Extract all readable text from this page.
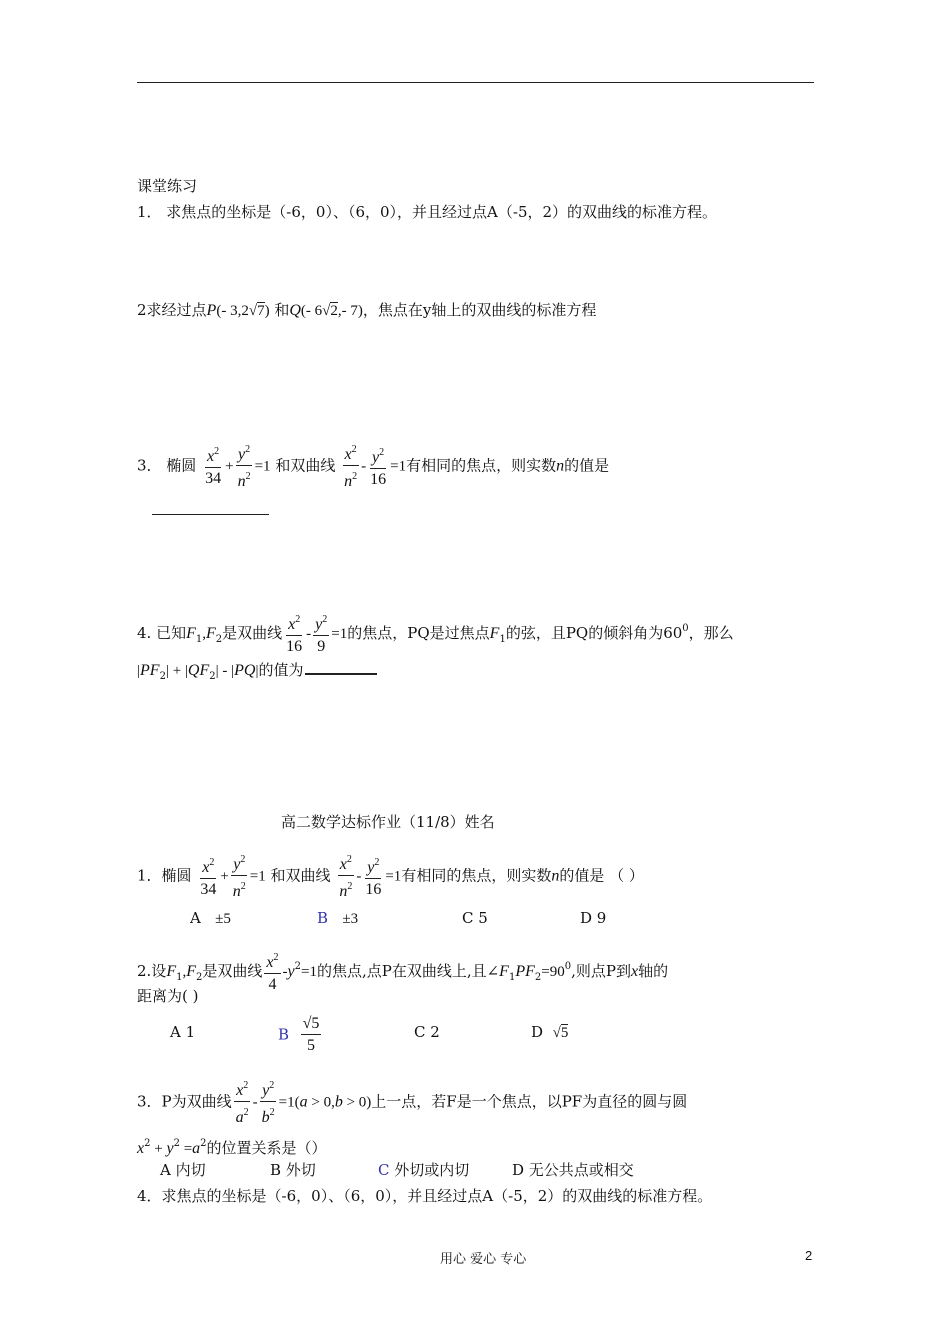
课堂练习
1． 求焦点的坐标是（-6，0）、（6，0），并且经过点A（-5，2）的双曲线的标准方程。
2求经过点P(- 3,2√7) 和Q(- 6√2,- 7)，焦点在y轴上的双曲线的标准方程
3． 椭圆 $\frac{x^2}{34} + \frac{y^2}{n^2} =1$ 和双曲线 $\frac{x^2}{n^2} - \frac{y^2}{16} =1$有相同的焦点，则实数n的值是
4. 已知$F_1,F_2$是双曲线 $\frac{x^2}{16} - \frac{y^2}{9} =1$的焦点，PQ是过焦点$F_1$的弦，且PQ的倾斜角为$60^0$，那么
$|PF_2| + |QF_2| - |PQ|$的值为
高二数学达标作业（11/8）姓名
1．椭圆 $\frac{x^2}{34} + \frac{y^2}{n^2} =1$ 和双曲线 $\frac{x^2}{n^2} - \frac{y^2}{16} =1$有相同的焦点，则实数n的值是 （ ）
A ±5	B ±3	C 5	D 9
2.设$F_1,F_2$是双曲线 $\frac{x^2}{4} -y^2=1$的焦点,点P在双曲线上,且$\angle F_1PF_2=90^0$,则点P到x轴的
距离为( )
A 1	B $\frac{√5}{5}$	C 2	D √5
3．P为双曲线 $\frac{x^2}{a^2} - \frac{y^2}{b^2} =1(a > 0,b > 0)$上一点，若F是一个焦点，以PF为直径的圆与圆
$x^2 + y^2 =a^2$的位置关系是（）
A 内切	B 外切	C 外切或内切	D 无公共点或相交
4．求焦点的坐标是（-6，0）、（6，0），并且经过点A（-5，2）的双曲线的标准方程。
用心 爱心 专心	2
